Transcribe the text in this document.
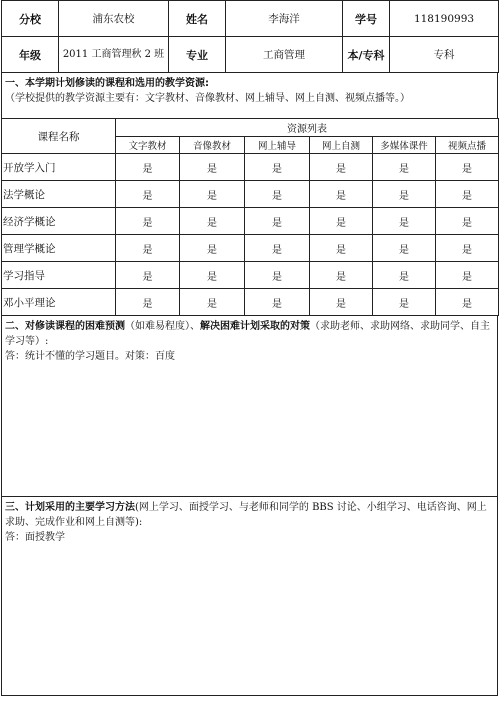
分校	浦东农校	姓名	李海洋	学号	118190993
年级	2011 工商管理秋 2 班	专业	工商管理	本/专科	专科
一、本学期计划修读的课程和选用的教学资源:
（学校提供的教学资源主要有：文字教材、音像教材、网上辅导、网上自测、视频点播等。）
课程名称	资源列表					
	文字教材	音像教材	网上辅导	网上自测	多媒体课件	视频点播
开放学入门	是	是	是	是	是	是
法学概论	是	是	是	是	是	是
经济学概论	是	是	是	是	是	是
管理学概论	是	是	是	是	是	是
学习指导	是	是	是	是	是	是
邓小平理论	是	是	是	是	是	是
二、对修读课程的困难预测（如难易程度）、解决困难计划采取的对策（求助老师、求助网络、求助同学、自主学习等）:
答：统计不懂的学习题目。对策：百度
三、计划采用的主要学习方法(网上学习、面授学习、与老师和同学的 BBS 讨论、小组学习、电话咨询、网上求助、完成作业和网上自测等):
答：面授教学
